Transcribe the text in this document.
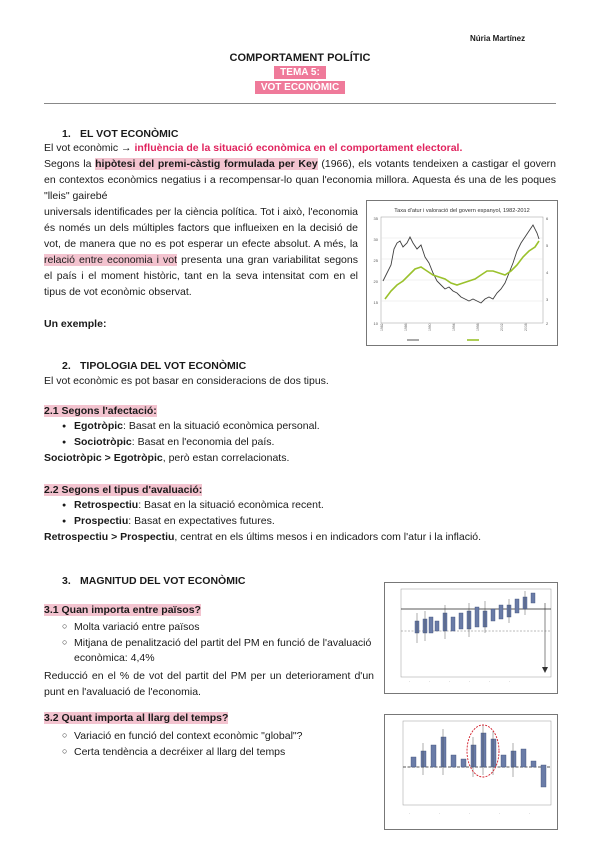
Núria Martínez
COMPORTAMENT POLÍTIC
TEMA 5:
VOT ECONÒMIC
1. EL VOT ECONÒMIC
El vot econòmic → influència de la situació econòmica en el comportament electoral.
Segons la hipòtesi del premi-càstig formulada per Key (1966), els votants tendeixen a castigar el govern en contextos econòmics negatius i a recompensar-lo quan l'economia millora. Aquesta és una de les poques "lleis" gairebé
universals identificades per la ciència política. Tot i això, l'economia és només un dels múltiples factors que influeixen en la decisió de vot, de manera que no es pot esperar un efecte absolut. A més, la relació entre economia i vot presenta una gran variabilitat segons el país i el moment històric, tant en la seva intensitat com en el tipus de vot econòmic observat.
Un exemple:
Taxa d'atur i valoració del govern espanyol, 1982-2012
35
30
25
20
15
10
6
5
4
3
2
1982	1986	1990	1994	1998	2002	2008
2. TIPOLOGIA DEL VOT ECONÒMIC
El vot econòmic es pot basar en consideracions de dos tipus.
2.1 Segons l'afectació:
● Egotròpic: Basat en la situació econòmica personal.
● Sociotròpic: Basat en l'economia del país.
Sociotròpic > Egotròpic, però estan correlacionats.
2.2 Segons el tipus d'avaluació:
● Retrospectiu: Basat en la situació econòmica recent.
● Prospectiu: Basat en expectatives futures.
Retrospectiu > Prospectiu, centrat en els últims mesos i en indicadors com l'atur i la inflació.
3. MAGNITUD DEL VOT ECONÒMIC
3.1 Quan importa entre països?
○ Molta variació entre països
○ Mitjana de penalització del partit del PM en funció de l'avaluació econòmica: 4,4%
Reducció en el % de vot del partit del PM per un deteriorament d'un punt en l'avaluació de l'economia.
3.2 Quant importa al llarg del temps?
○ Variació en funció del context econòmic "global"?
○ Certa tendència a decréixer al llarg del temps
·	·	·	·	·	·
·	·	·	·	·
